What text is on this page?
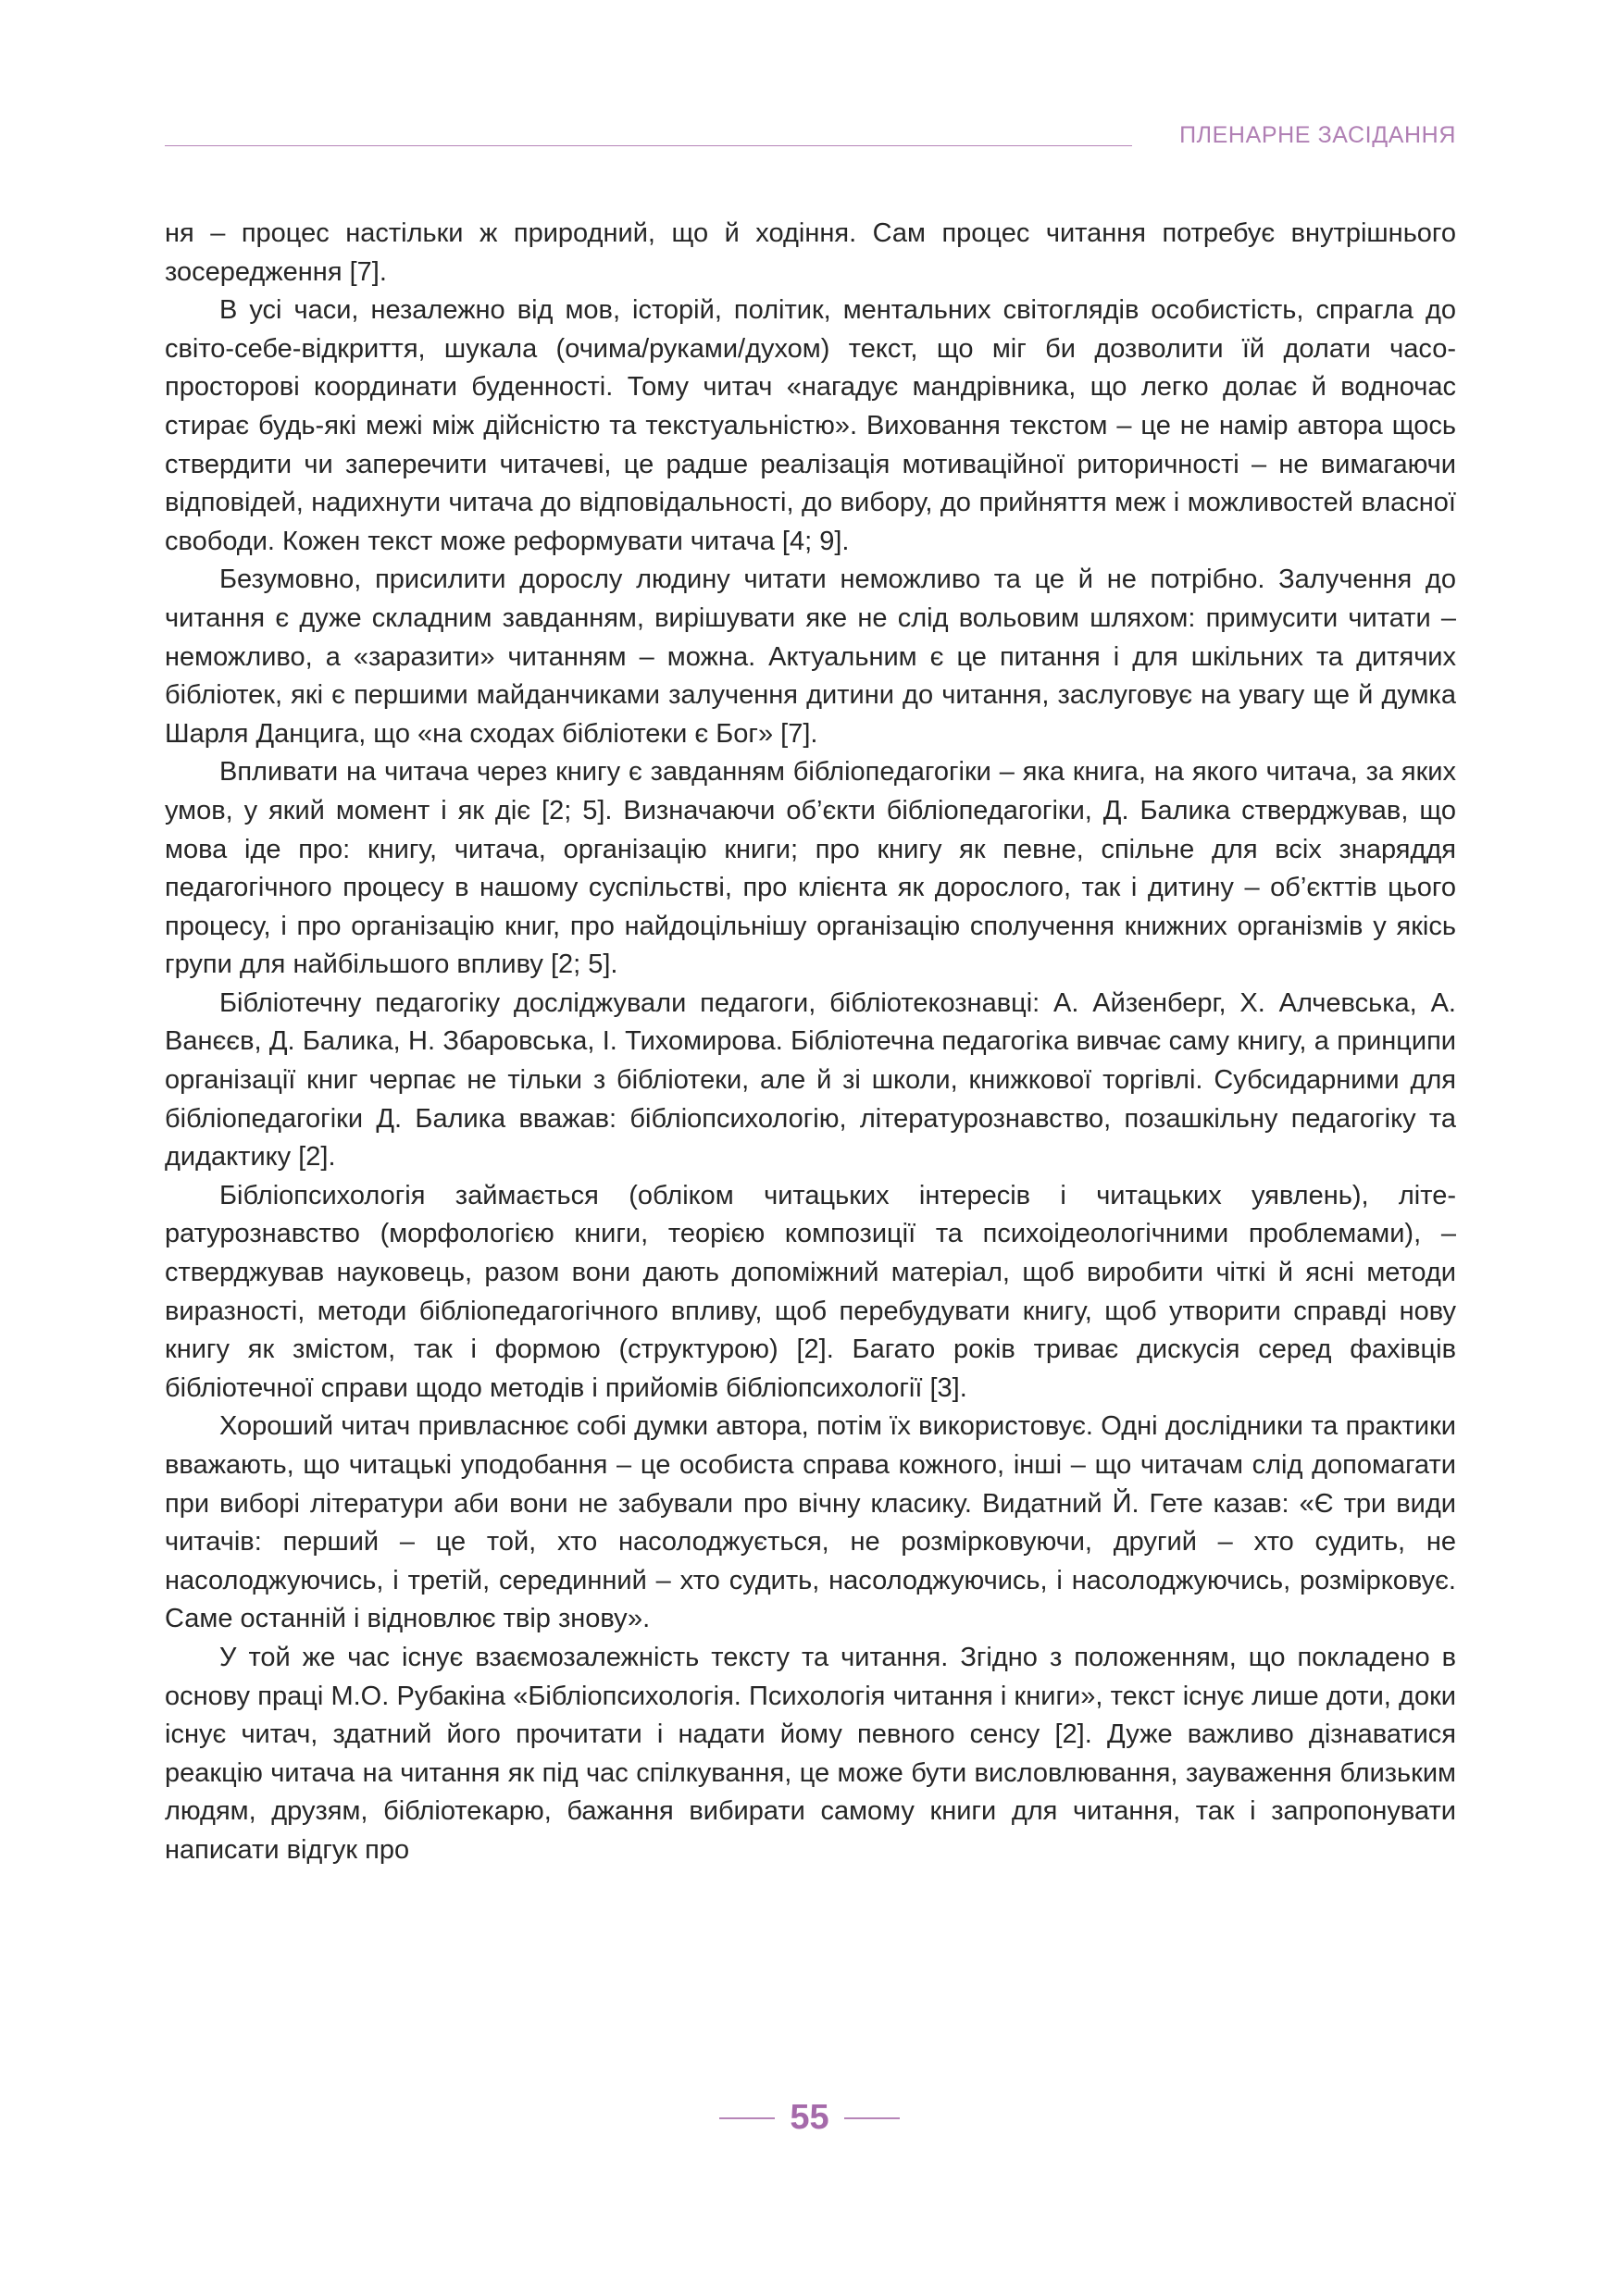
ПЛЕНАРНЕ ЗАСІДАННЯ

ня – процес настільки ж природний, що й ходіння. Сам процес читання потребує внутрішнього зосередження [7].

В усі часи, незалежно від мов, історій, політик, ментальних світоглядів особистість, спрагла до світо-себе-відкриття, шукала (очима/руками/духом) текст, що міг би дозволити їй долати часо-просторові координати буденності. Тому читач «нагадує мандрівника, що легко долає й водночас стирає будь-які межі між дійсністю та текстуальністю». Виховання текстом – це не намір автора щось ствердити чи заперечити читачеві, це радше реалізація мотиваційної риторичності – не вимагаючи відповідей, надихнути читача до відповідальності, до вибору, до прийняття меж і можливостей власної свободи. Кожен текст може реформувати читача [4; 9].

Безумовно, присилити дорослу людину читати неможливо та це й не потрібно. Залучення до читання є дуже складним завданням, вирішувати яке не слід вольовим шляхом: примусити читати – неможливо, а «заразити» читанням – можна. Актуальним є це питання і для шкільних та дитячих бібліотек, які є першими майданчиками залучення дитини до читання, заслуговує на увагу ще й думка Шарля Данцига, що «на сходах бібліотеки є Бог» [7].

Впливати на читача через книгу є завданням бібліопедагогіки – яка книга, на якого читача, за яких умов, у який момент і як діє [2; 5]. Визначаючи об’єкти бібліопедагогіки, Д. Балика стверджував, що мова іде про: книгу, читача, організацію книги; про книгу як певне, спільне для всіх знаряддя педагогічного процесу в нашому суспільстві, про клієнта як дорослого, так і дитину – об’єкттів цього процесу, і про організацію книг, про найдоцільнішу організацію сполучення книжних організмів у якісь групи для найбільшого впливу [2; 5].

Бібліотечну педагогіку досліджували педагоги, бібліотекознавці: А. Айзенберг, Х. Алчевська, А. Ванєєв, Д. Балика, Н. Збаровська, І. Тихомирова. Бібліотечна педагогіка вивчає саму книгу, а принципи організації книг черпає не тільки з бібліотеки, але й зі школи, книжкової торгівлі. Субсидарними для бібліопедагогіки Д. Балика вважав: бібліопсихологію, літературознавство, позашкільну педагогіку та дидактику [2].

Бібліопсихологія займається (обліком читацьких інтересів і читацьких уявлень), літературознавство (морфологією книги, теорією композиції та психоідеологічними проблемами), – стверджував науковець, разом вони дають допоміжний матеріал, щоб виробити чіткі й ясні методи виразності, методи бібліопедагогічного впливу, щоб перебудувати книгу, щоб утворити справді нову книгу як змістом, так і формою (структурою) [2]. Багато років триває дискусія серед фахівців бібліотечної справи щодо методів і прийомів бібліопсихології [3].

Хороший читач привласнює собі думки автора, потім їх використовує. Одні дослідники та практики вважають, що читацькі уподобання – це особиста справа кожного, інші – що читачам слід допомагати при виборі літератури аби вони не забували про вічну класику. Видатний Й. Гете казав: «Є три види читачів: перший – це той, хто насолоджується, не розмірковуючи, другий – хто судить, не насолоджуючись, і третій, серединний – хто судить, насолоджуючись, і насолоджуючись, розмірковує. Саме останній і відновлює твір знову».

У той же час існує взаємозалежність тексту та читання. Згідно з положенням, що покладено в основу праці М.О. Рубакіна «Бібліопсихологія. Психологія читання і книги», текст існує лише доти, доки існує читач, здатний його прочитати і надати йому певного сенсу [2]. Дуже важливо дізнаватися реакцію читача на читання як під час спілкування, це може бути висловлювання, зауваження близьким людям, друзям, бібліотекарю, бажання вибирати самому книги для читання, так і запропонувати написати відгук про

55
